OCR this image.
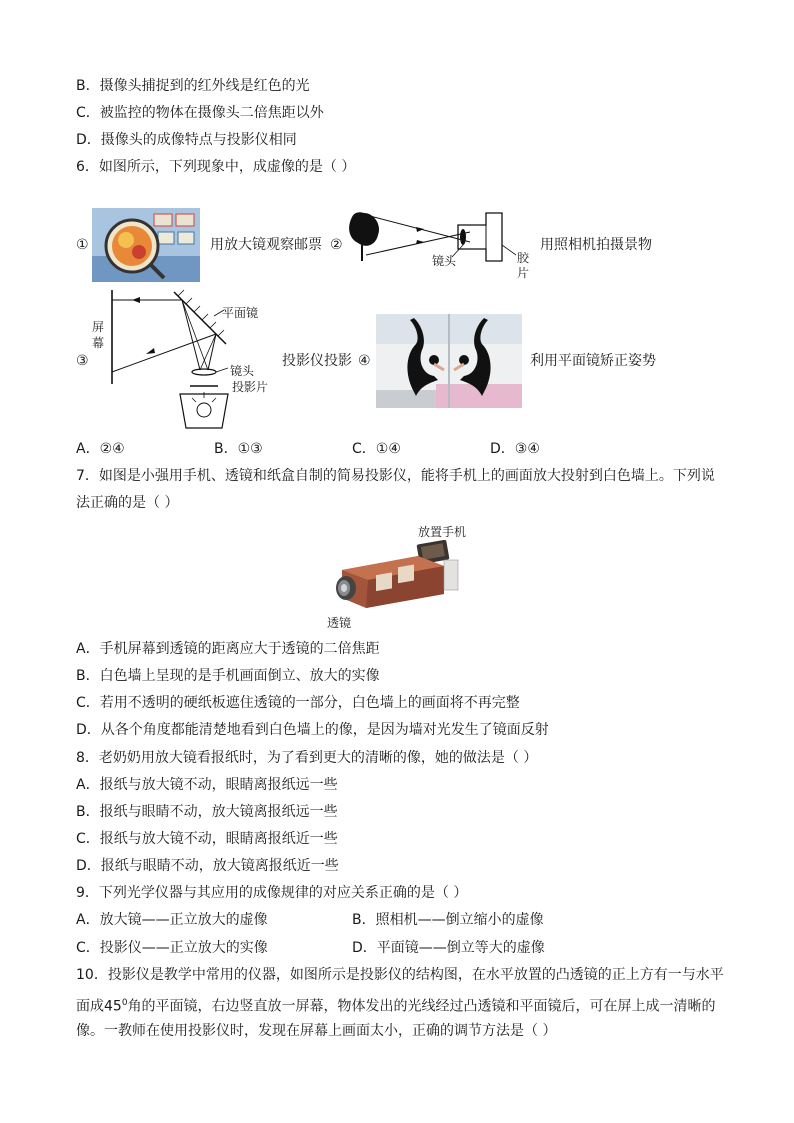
B．摄像头捕捉到的红外线是红色的光
C．被监控的物体在摄像头二倍焦距以外
D．摄像头的成像特点与投影仪相同
6．如图所示，下列现象中，成虚像的是（ ）
①	用放大镜观察邮票 ②
镜头	胶
片
用照相机拍摄景物
屏
幕
③
平面镜
镜头
投影片
投影仪投影 ④	利用平面镜矫正姿势
A．②④	B．①③	C．①④	D．③④
7．如图是小强用手机、透镜和纸盒自制的简易投影仪，能将手机上的画面放大投射到白色墙上。下列说
法正确的是（ ）
放置手机
透镜
A．手机屏幕到透镜的距离应大于透镜的二倍焦距
B．白色墙上呈现的是手机画面倒立、放大的实像
C．若用不透明的硬纸板遮住透镜的一部分，白色墙上的画面将不再完整
D．从各个角度都能清楚地看到白色墙上的像，是因为墙对光发生了镜面反射
8．老奶奶用放大镜看报纸时，为了看到更大的清晰的像，她的做法是（ ）
A．报纸与放大镜不动，眼睛离报纸远一些
B．报纸与眼睛不动，放大镜离报纸远一些
C．报纸与放大镜不动，眼睛离报纸近一些
D．报纸与眼睛不动，放大镜离报纸近一些
9．下列光学仪器与其应用的成像规律的对应关系正确的是（ ）
A．放大镜——正立放大的虚像	B．照相机——倒立缩小的虚像
C．投影仪——正立放大的实像	D．平面镜——倒立等大的虚像
10．投影仪是教学中常用的仪器，如图所示是投影仪的结构图，在水平放置的凸透镜的正上方有一与水平
面成$45^0$角的平面镜，右边竖直放一屏幕，物体发出的光线经过凸透镜和平面镜后，可在屏上成一清晰的
像。一教师在使用投影仪时，发现在屏幕上画面太小，正确的调节方法是（ ）
